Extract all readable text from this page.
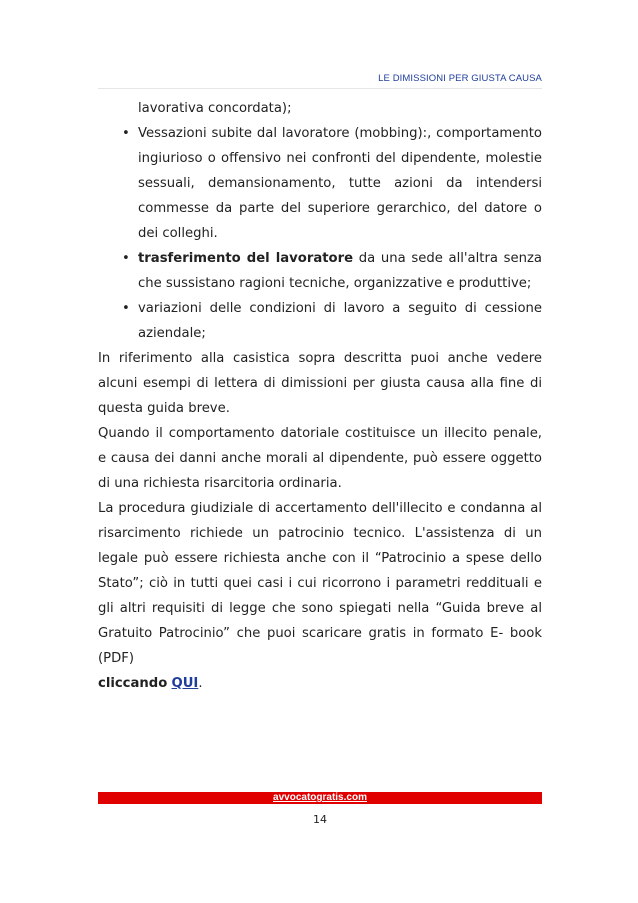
LE DIMISSIONI PER GIUSTA CAUSA

lavorativa concordata);

• Vessazioni subite dal lavoratore (mobbing):, comportamento ingiurioso o offensivo nei confronti del dipendente, molestie sessuali, demansionamento, tutte azioni da intendersi commesse da parte del superiore gerarchico, del datore o dei colleghi.

• trasferimento del lavoratore da una sede all'altra senza che sussistano ragioni tecniche, organizzative e produttive;

• variazioni delle condizioni di lavoro a seguito di cessione aziendale;

In riferimento alla casistica sopra descritta puoi anche vedere alcuni esempi di lettera di dimissioni per giusta causa alla fine di questa guida breve.

Quando il comportamento datoriale costituisce un illecito penale, e causa dei danni anche morali al dipendente, può essere oggetto di una richiesta risarcitoria ordinaria.

La procedura giudiziale di accertamento dell'illecito e condanna al risarcimento richiede un patrocinio tecnico. L'assistenza di un legale può essere richiesta anche con il “Patrocinio a spese dello Stato”; ciò in tutti quei casi i cui ricorrono i parametri reddituali e gli altri requisiti di legge che sono spiegati nella “Guida breve al Gratuito Patrocinio” che puoi scaricare gratis in formato E- book (PDF)

cliccando QUI.

avvocatogratis.com
14
